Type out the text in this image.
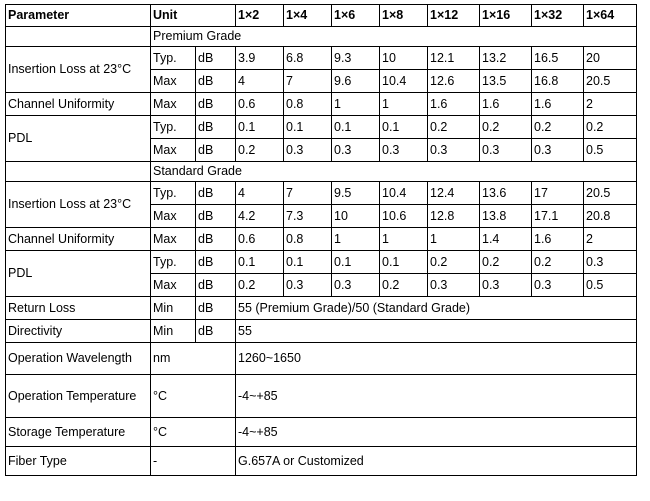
Parameter	Unit		1×2	1×4	1×6	1×8	1×12	1×16	1×32	1×64
	Premium Grade									
Insertion Loss at 23°C	Typ.	dB	3.9	6.8	9.3	10	12.1	13.2	16.5	20
	Max	dB	4	7	9.6	10.4	12.6	13.5	16.8	20.5
Channel Uniformity	Max	dB	0.6	0.8	1	1	1.6	1.6	1.6	2
PDL	Typ.	dB	0.1	0.1	0.1	0.1	0.2	0.2	0.2	0.2
	Max	dB	0.2	0.3	0.3	0.3	0.3	0.3	0.3	0.5
	Standard Grade									
Insertion Loss at 23°C	Typ.	dB	4	7	9.5	10.4	12.4	13.6	17	20.5
	Max	dB	4.2	7.3	10	10.6	12.8	13.8	17.1	20.8
Channel Uniformity	Max	dB	0.6	0.8	1	1	1	1.4	1.6	2
PDL	Typ.	dB	0.1	0.1	0.1	0.1	0.2	0.2	0.2	0.3
	Max	dB	0.2	0.3	0.3	0.2	0.3	0.3	0.3	0.5
Return Loss	Min	dB	55 (Premium Grade)/50 (Standard Grade)							
Directivity	Min	dB	55							
Operation Wavelength	nm		1260~1650							
Operation Temperature	°C		-4~+85							
Storage Temperature	°C		-4~+85							
Fiber Type	-		G.657A or Customized							
